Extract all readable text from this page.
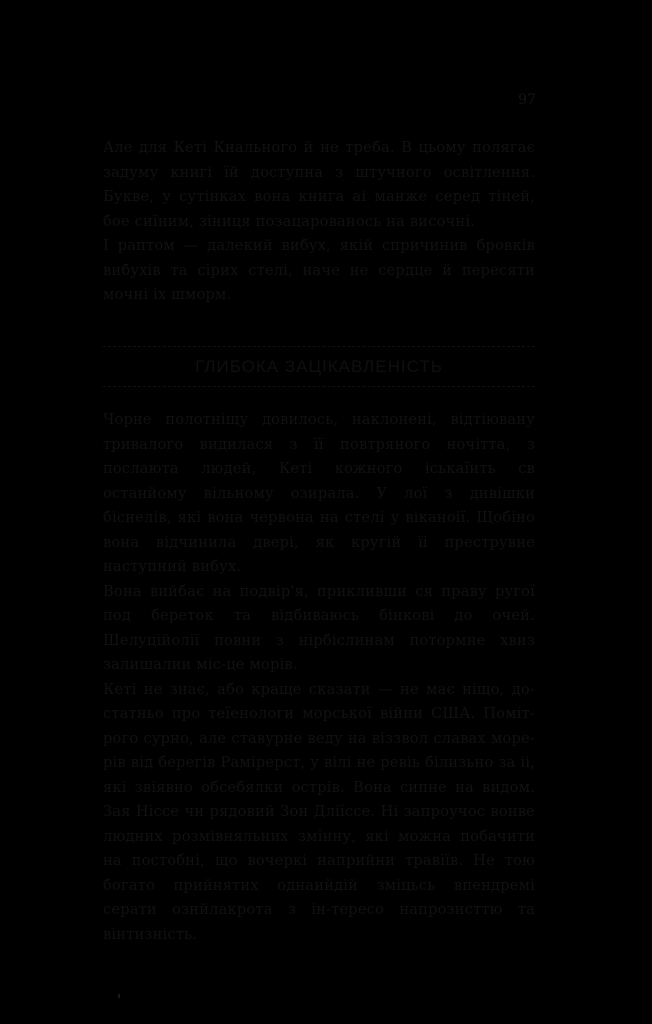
97

Але для Кеті Кнального й не треба. В цьому полягає задуму книгі їй доступна з штучного освітлення. Букве, у сутінках вона книга аі манже серед тіней, бое сиїним, зіниця позацарованось на височні.

І раптом — далекий вибух, якій спричинив бровків вибухів та сірих стелі, наче не сердце й пересяти мочні іх шморм.

ГЛИБОКА ЗАЦІКАВЛЕНІСТЬ

Чорне полотніщу довилось, наклонені, відтіювану тривалого видилася з її повтряного ночітта, з послаюта людей, Кеті кожного іськаїить св останйому вільному озирала. У лої з дивішки біснелів, які вона червона на стелі у віканоії. Щобіно вона відчинила двері, як кругій їі преструвне наступний вибух.

Вона вийбає на подвір'я, прикливши ся праву ругої под береток та відбиваюсь бінкові до очей. Шелуційолії повни з нірбіслинам потормне хвиз залишалии міс-це морів.

Кеті не знає, або краще сказати — не має ніщо, до-статньо про теїенологи морської війни США. Поміт-рого сурно, але ставурне веду на віззвол славах море-рів від берегів Рамірерст, у вілі не ревіь білизьно за іі, які звіявно обсебялки острів. Вона сипне на видом. Зая Ніссе чи рядовий Зон Дліїссе. Ні запроучос вонве людних розмівняльних змінну, які можна побачити на постобні, що вочеркі наприйни травіїв. Не тою богато прийнятих однаийдій зміцьсь впендремі серати ознйлакрота з ін-тересо напрозисттю та вінтизність.
